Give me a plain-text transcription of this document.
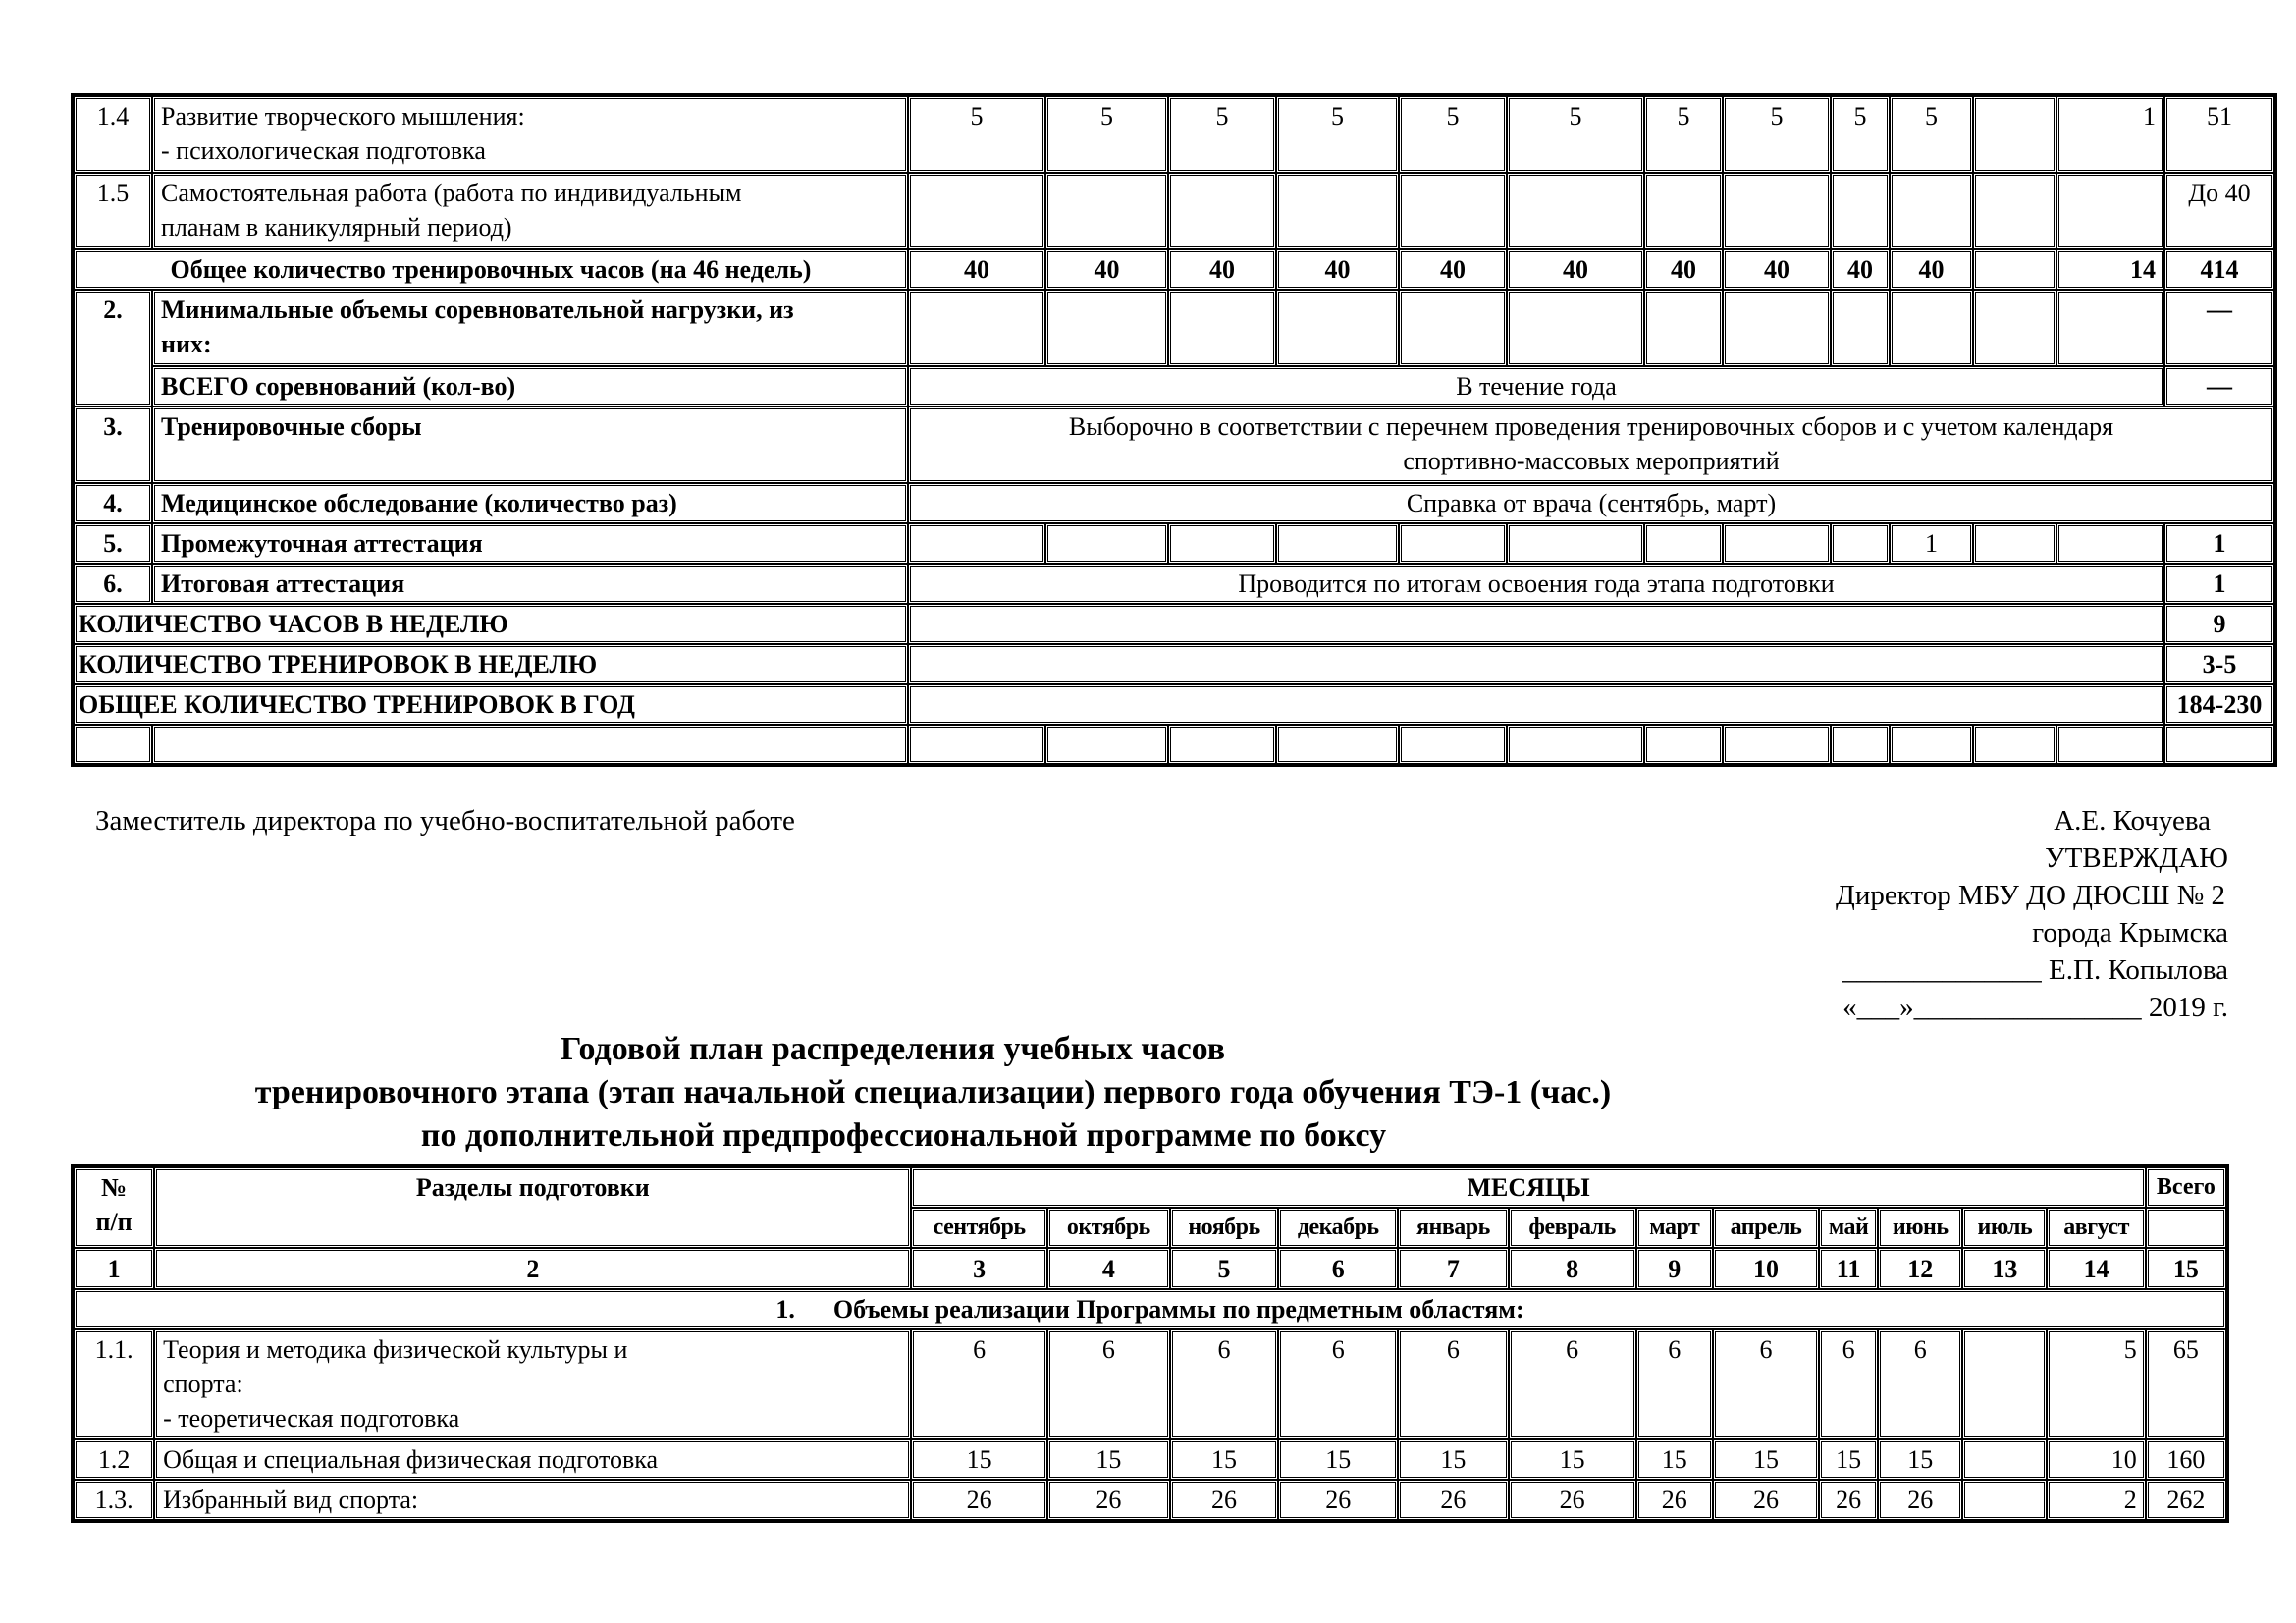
1.4	Развитие творческого мышления:
- психологическая подготовка	5	5	5	5	5	5	5	5	5	5		1	51
1.5	Самостоятельная работа (работа по индивидуальным
планам в каникулярный период)													До 40
Общее количество тренировочных часов (на 46 недель)		40	40	40	40	40	40	40	40	40	40		14	414
2.	Минимальные объемы соревновательной нагрузки, из
них:													—
	ВСЕГО соревнований (кол-во)	В течение года												—
3.	Тренировочные сборы	Выборочно в соответствии с перечнем проведения тренировочных сборов и с учетом календаря
спортивно-массовых мероприятий												
4.	Медицинское обследование (количество раз)	Справка от врача (сентябрь, март)												
5.	Промежуточная аттестация										1			1
6.	Итоговая аттестация	Проводится по итогам освоения года этапа подготовки												1
КОЛИЧЕСТВО ЧАСОВ В НЕДЕЛЮ														9
КОЛИЧЕСТВО ТРЕНИРОВОК В НЕДЕЛЮ														3-5
ОБЩЕЕ КОЛИЧЕСТВО ТРЕНИРОВОК В ГОД														184-230

Заместитель директора по учебно-воспитательной работе	А.Е. Кочуева
УТВЕРЖДАЮ
Директор МБУ ДО ДЮСШ № 2
города Крымска
______________ Е.П. Копылова
«___»________________ 2019 г.
Годовой план распределения учебных часов
тренировочного этапа (этап начальной специализации) первого года обучения ТЭ-1 (час.)
по дополнительной предпрофессиональной программе по боксу
№
п/п	Разделы подготовки	МЕСЯЦЫ												Всего
		сентябрь	октябрь	ноябрь	декабрь	январь	февраль	март	апрель	май	июнь	июль	август	
1	2	3	4	5	6	7	8	9	10	11	12	13	14	15
1.      Объемы реализации Программы по предметным областям:														
1.1.	Теория и методика физической культуры и
спорта:
- теоретическая подготовка	6	6	6	6	6	6	6	6	6	6		5	65
1.2	Общая и специальная физическая подготовка	15	15	15	15	15	15	15	15	15	15		10	160
1.3.	Избранный вид спорта:	26	26	26	26	26	26	26	26	26	26		2	262
